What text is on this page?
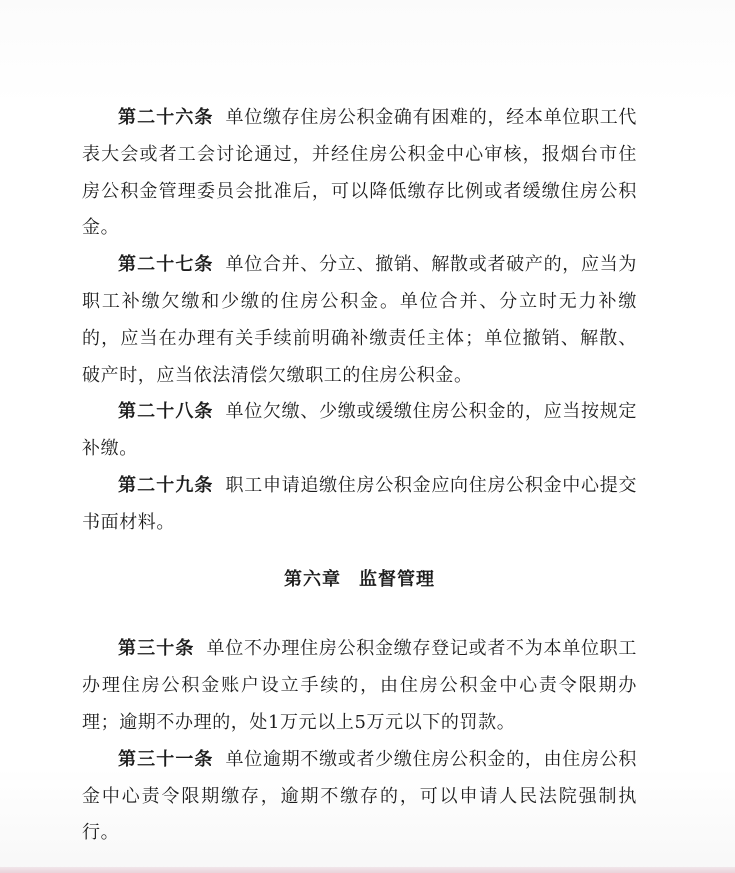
第二十六条 单位缴存住房公积金确有困难的，经本单位职工代表大会或者工会讨论通过，并经住房公积金中心审核，报烟台市住房公积金管理委员会批准后，可以降低缴存比例或者缓缴住房公积金。

第二十七条 单位合并、分立、撤销、解散或者破产的，应当为职工补缴欠缴和少缴的住房公积金。单位合并、分立时无力补缴的，应当在办理有关手续前明确补缴责任主体；单位撤销、解散、破产时，应当依法清偿欠缴职工的住房公积金。

第二十八条 单位欠缴、少缴或缓缴住房公积金的，应当按规定补缴。

第二十九条 职工申请追缴住房公积金应向住房公积金中心提交书面材料。

第六章 监督管理

第三十条 单位不办理住房公积金缴存登记或者不为本单位职工办理住房公积金账户设立手续的，由住房公积金中心责令限期办理；逾期不办理的，处1万元以上5万元以下的罚款。

第三十一条 单位逾期不缴或者少缴住房公积金的，由住房公积金中心责令限期缴存，逾期不缴存的，可以申请人民法院强制执行。
